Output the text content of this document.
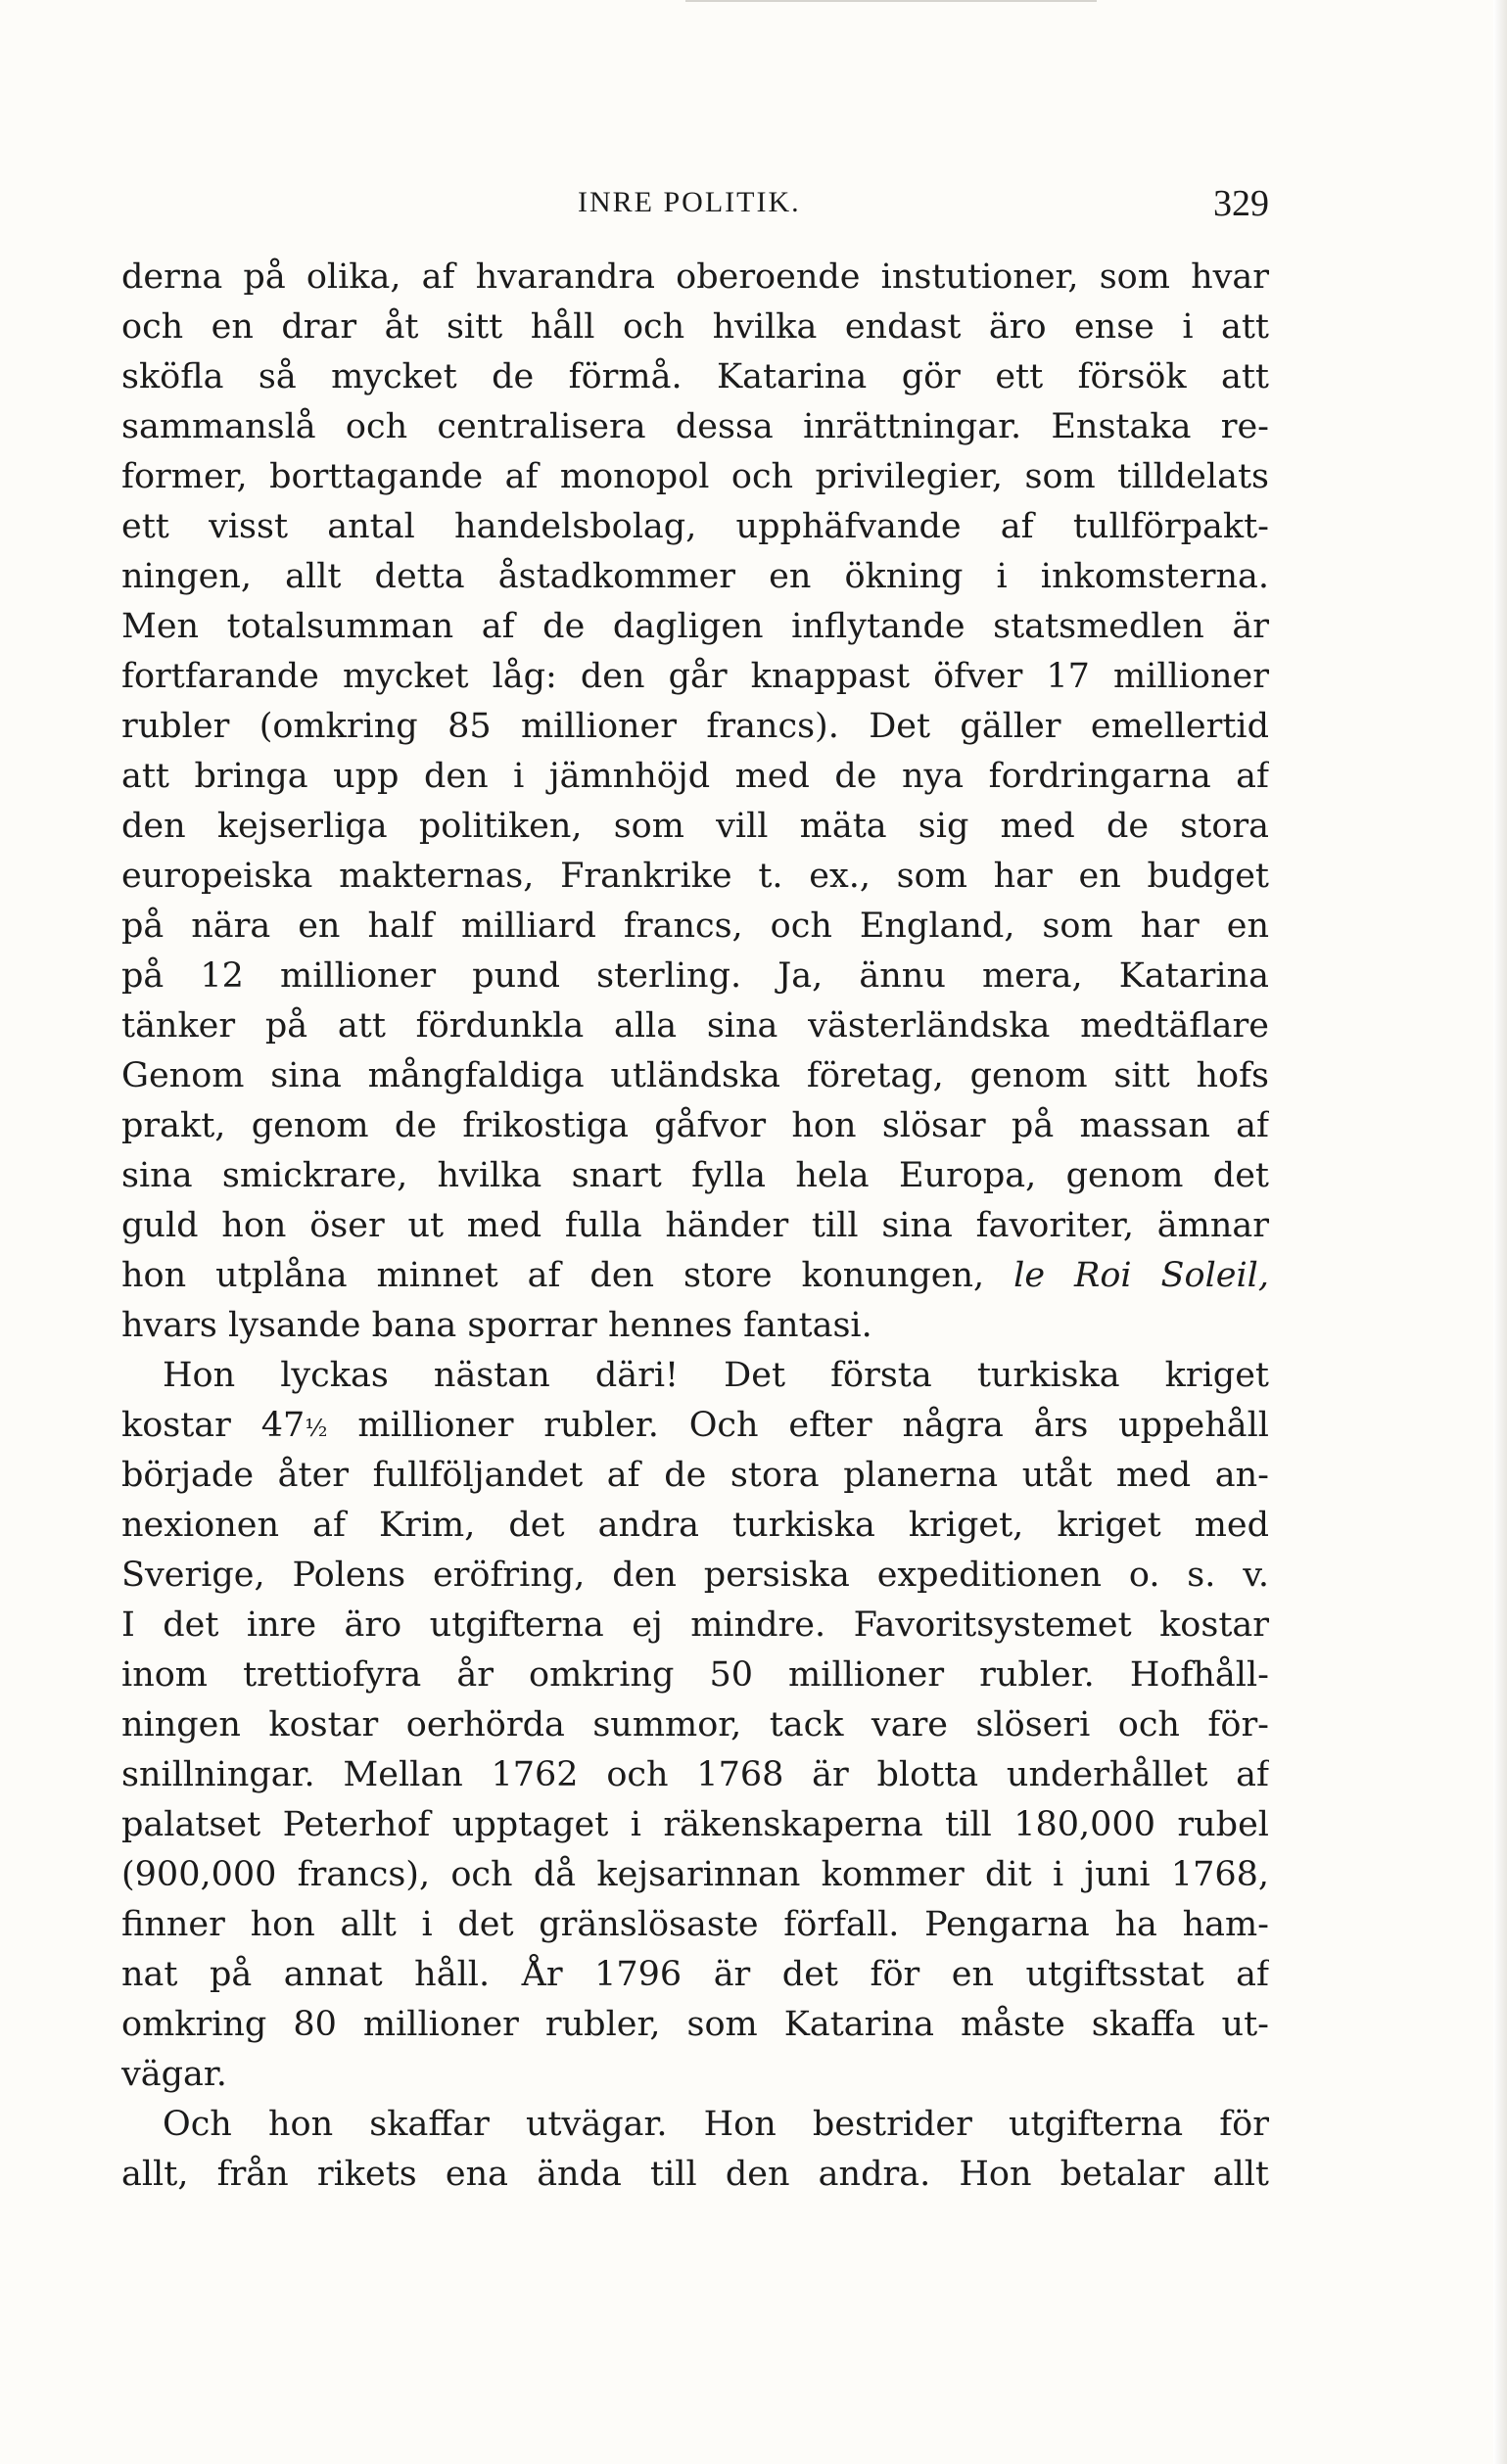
INRE POLITIK.	329
derna på olika, af hvarandra oberoende instutioner, som hvar
och en drar åt sitt håll och hvilka endast äro ense i att
sköfla så mycket de förmå. Katarina gör ett försök att
sammanslå och centralisera dessa inrättningar. Enstaka re-
former, borttagande af monopol och privilegier, som tilldelats
ett visst antal handelsbolag, upphäfvande af tullförpakt-
ningen, allt detta åstadkommer en ökning i inkomsterna.
Men totalsumman af de dagligen inflytande statsmedlen är
fortfarande mycket låg: den går knappast öfver 17 millioner
rubler (omkring 85 millioner francs). Det gäller emellertid
att bringa upp den i jämnhöjd med de nya fordringarna af
den kejserliga politiken, som vill mäta sig med de stora
europeiska makternas, Frankrike t. ex., som har en budget
på nära en half milliard francs, och England, som har en
på 12 millioner pund sterling. Ja, ännu mera, Katarina
tänker på att fördunkla alla sina västerländska medtäflare
Genom sina mångfaldiga utländska företag, genom sitt hofs
prakt, genom de frikostiga gåfvor hon slösar på massan af
sina smickrare, hvilka snart fylla hela Europa, genom det
guld hon öser ut med fulla händer till sina favoriter, ämnar
hon utplåna minnet af den store konungen, le Roi Soleil,
hvars lysande bana sporrar hennes fantasi.
Hon lyckas nästan däri! Det första turkiska kriget
kostar 47½ millioner rubler. Och efter några års uppehåll
började åter fullföljandet af de stora planerna utåt med an-
nexionen af Krim, det andra turkiska kriget, kriget med
Sverige, Polens eröfring, den persiska expeditionen o. s. v.
I det inre äro utgifterna ej mindre. Favoritsystemet kostar
inom trettiofyra år omkring 50 millioner rubler. Hofhåll-
ningen kostar oerhörda summor, tack vare slöseri och för-
snillningar. Mellan 1762 och 1768 är blotta underhållet af
palatset Peterhof upptaget i räkenskaperna till 180,000 rubel
(900,000 francs), och då kejsarinnan kommer dit i juni 1768,
finner hon allt i det gränslösaste förfall. Pengarna ha ham-
nat på annat håll. År 1796 är det för en utgiftsstat af
omkring 80 millioner rubler, som Katarina måste skaffa ut-
vägar.
Och hon skaffar utvägar. Hon bestrider utgifterna för
allt, från rikets ena ända till den andra. Hon betalar allt
